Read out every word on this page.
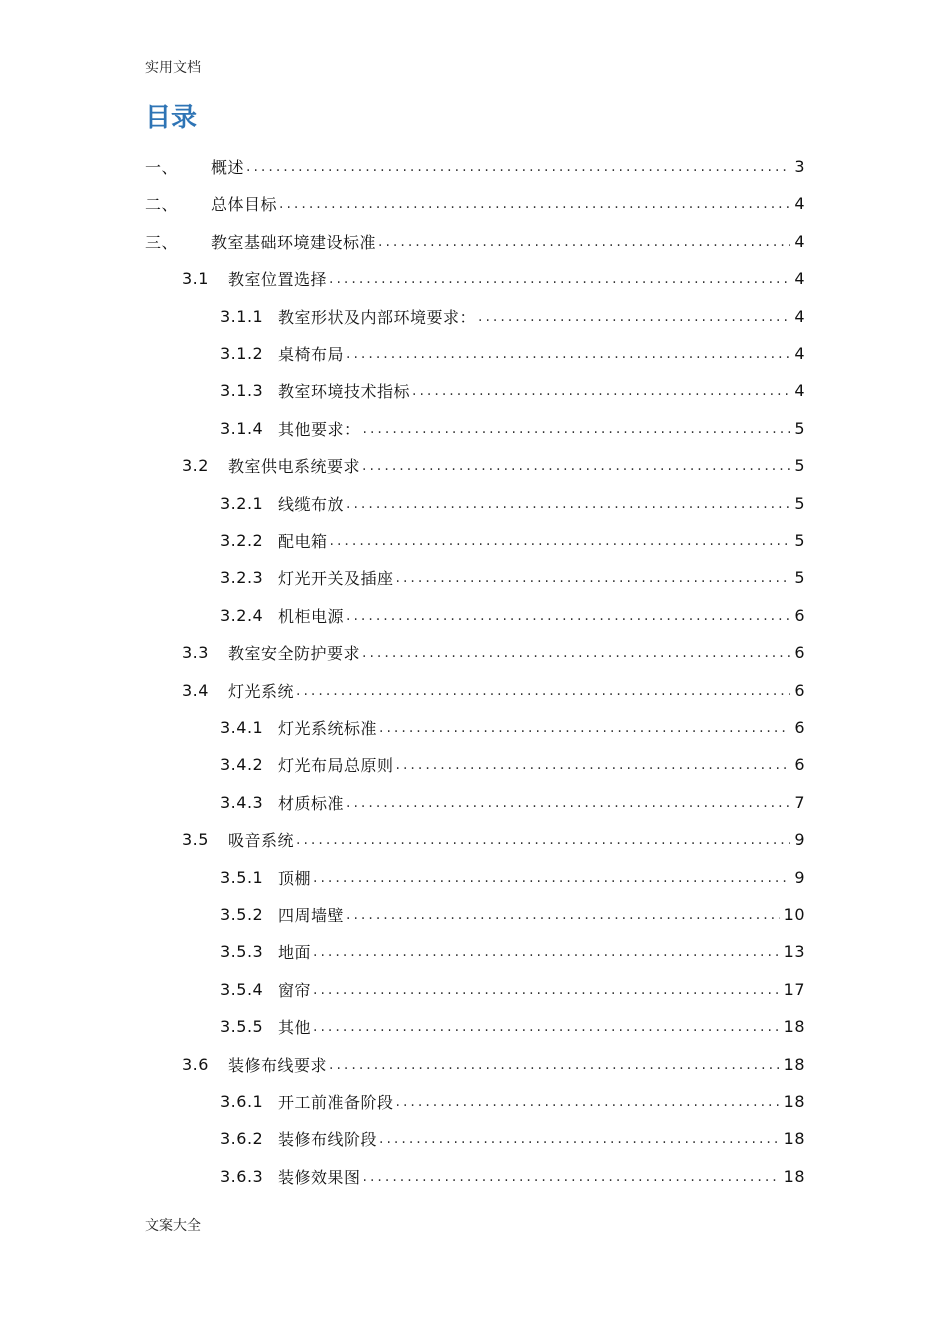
实用文档
目录
一、	概述 .....	3
二、	总体目标 .....	4
三、	教室基础环境建设标准 .....	4
3.1	教室位置选择 .....	4
3.1.1 教室形状及内部环境要求： .....	4
3.1.2 桌椅布局 .....	4
3.1.3 教室环境技术指标 .....	4
3.1.4 其他要求： .....	5
3.2	教室供电系统要求 .....	5
3.2.1 线缆布放 .....	5
3.2.2 配电箱 .....	5
3.2.3 灯光开关及插座 .....	5
3.2.4 机柜电源 .....	6
3.3	教室安全防护要求 .....	6
3.4	灯光系统 .....	6
3.4.1 灯光系统标准 .....	6
3.4.2 灯光布局总原则 .....	6
3.4.3 材质标准 .....	7
3.5	吸音系统 .....	9
3.5.1 顶棚 .....	9
3.5.2 四周墙壁 .....	10
3.5.3 地面 .....	13
3.5.4 窗帘 .....	17
3.5.5 其他 .....	18
3.6	装修布线要求 .....	18
3.6.1 开工前准备阶段 .....	18
3.6.2 装修布线阶段 .....	18
3.6.3 装修效果图 .....	18
文案大全
